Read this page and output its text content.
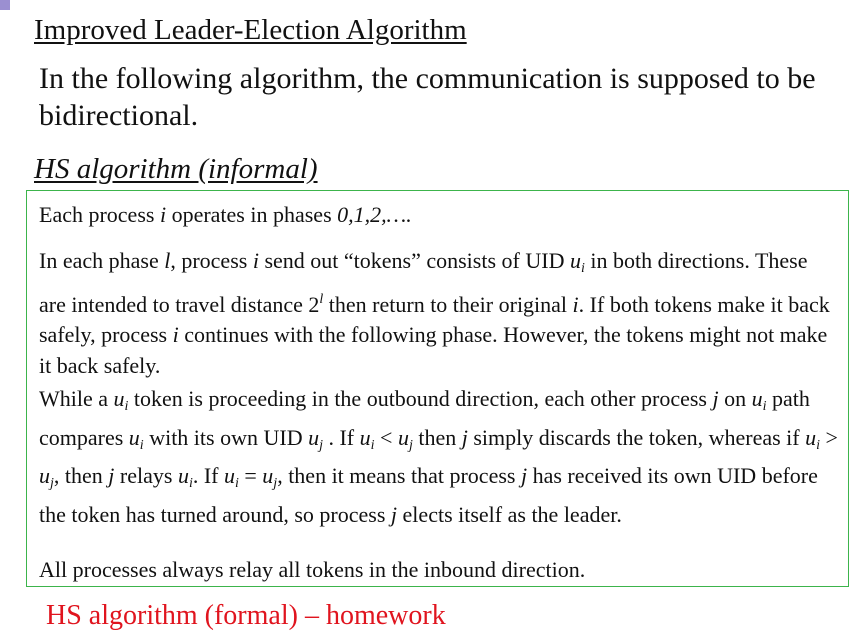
Improved Leader-Election Algorithm
In the following algorithm, the communication is supposed to be bidirectional.
HS algorithm (informal)
Each process i operates in phases 0,1,2,….
In each phase l, process i send out “tokens” consists of UID $u_i$ in both directions. These are intended to travel distance 2$^l$ then return to their original i. If both tokens make it back safely, process i continues with the following phase. However, the tokens might not make it back safely.
While a $u_i$ token is proceeding in the outbound direction, each other process j on $u_i$ path compares $u_i$ with its own UID $u_j$ . If $u_i < u_j$ then j simply discards the token, whereas if $u_i > u_j$, then j relays $u_i$. If $u_i = u_j$, then it means that process j has received its own UID before the token has turned around, so process j elects itself as the leader.
All processes always relay all tokens in the inbound direction.
HS algorithm (formal) – homework
